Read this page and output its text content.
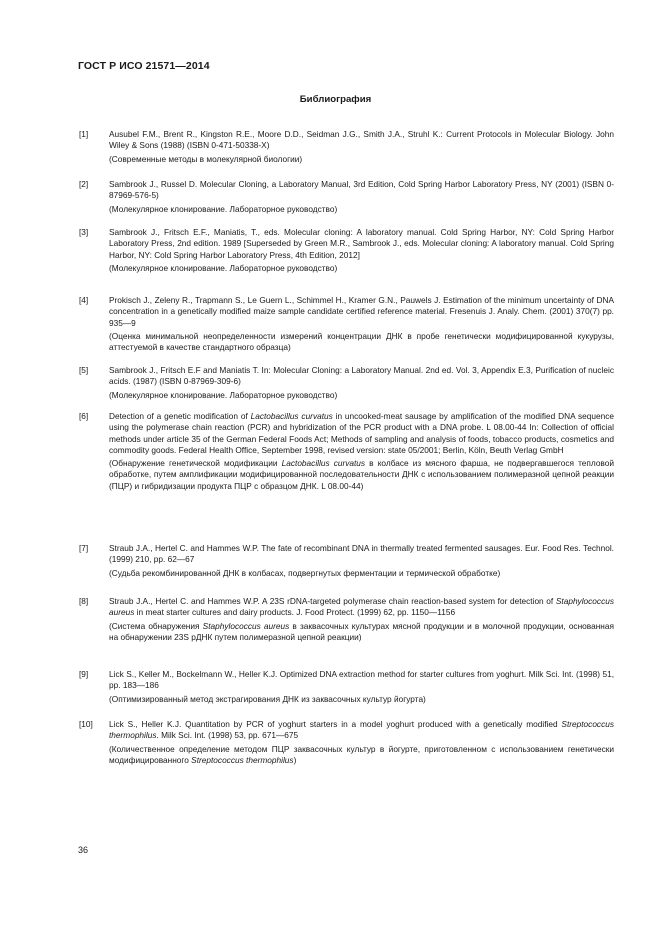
ГОСТ Р ИСО 21571—2014
Библиография
[1]	Ausubel F.M., Brent R., Kingston R.E., Moore D.D., Seidman J.G., Smith J.A., Struhl K.: Current Protocols in Molecular Biology. John Wiley & Sons (1988) (ISBN 0-471-50338-X)
(Современные методы в молекулярной биологии)
[2]	Sambrook J., Russel D. Molecular Cloning, a Laboratory Manual, 3rd Edition, Cold Spring Harbor Laboratory Press, NY (2001) (ISBN 0-87969-576-5)
(Молекулярное клонирование. Лабораторное руководство)
[3]	Sambrook J., Fritsch E.F., Maniatis, T., eds. Molecular cloning: A laboratory manual. Cold Spring Harbor, NY: Cold Spring Harbor Laboratory Press, 2nd edition. 1989 [Superseded by Green M.R., Sambrook J., eds. Molecular cloning: A laboratory manual. Cold Spring Harbor, NY: Cold Spring Harbor Laboratory Press, 4th Edition, 2012]
(Молекулярное клонирование. Лабораторное руководство)
[4]	Prokisch J., Zeleny R., Trapmann S., Le Guern L., Schimmel H., Kramer G.N., Pauwels J. Estimation of the minimum uncertainty of DNA concentration in a genetically modified maize sample candidate certified reference material. Fresenuis J. Analy. Chem. (2001) 370(7) pp. 935—9
(Оценка минимальной неопределенности измерений концентрации ДНК в пробе генетически модифицированной кукурузы, аттестуемой в качестве стандартного образца)
[5]	Sambrook J., Fritsch E.F and Maniatis T. In: Molecular Cloning: a Laboratory Manual. 2nd ed. Vol. 3, Appendix E.3, Purification of nucleic acids. (1987) (ISBN 0-87969-309-6)
(Молекулярное клонирование. Лабораторное руководство)
[6]	Detection of a genetic modification of Lactobacillus curvatus in uncooked-meat sausage by amplification of the modified DNA sequence using the polymerase chain reaction (PCR) and hybridization of the PCR product with a DNA probe. L 08.00-44 In: Collection of official methods under article 35 of the German Federal Foods Act; Methods of sampling and analysis of foods, tobacco products, cosmetics and commodity goods. Federal Health Office, September 1998, revised version: state 05/2001; Berlin, Köln, Beuth Verlag GmbH
(Обнаружение генетической модификации Lactobacillus curvatus в колбасе из мясного фарша, не подвергавшегося тепловой обработке, путем амплификации модифицированной последовательности ДНК с использованием полимеразной цепной реакции (ПЦР) и гибридизации продукта ПЦР с образцом ДНК. L 08.00-44)
[7]	Straub J.A., Hertel C. and Hammes W.P. The fate of recombinant DNA in thermally treated fermented sausages. Eur. Food Res. Technol. (1999) 210, pp. 62—67
(Судьба рекомбинированной ДНК в колбасах, подвергнутых ферментации и термической обработке)
[8]	Straub J.A., Hertel C. and Hammes W.P. A 23S rDNA-targeted polymerase chain reaction-based system for detection of Staphylococcus aureus in meat starter cultures and dairy products. J. Food Protect. (1999) 62, pp. 1150—1156
(Система обнаружения Staphylococcus aureus в заквасочных культурах мясной продукции и в молочной продукции, основанная на обнаружении 23S рДНК путем полимеразной цепной реакции)
[9]	Lick S., Keller M., Bockelmann W., Heller K.J. Optimized DNA extraction method for starter cultures from yoghurt. Milk Sci. Int. (1998) 51, pp. 183—186
(Оптимизированный метод экстрагирования ДНК из заквасочных культур йогурта)
[10]	Lick S., Heller K.J. Quantitation by PCR of yoghurt starters in a model yoghurt produced with a genetically modified Streptococcus thermophilus. Milk Sci. Int. (1998) 53, pp. 671—675
(Количественное определение методом ПЦР заквасочных культур в йогурте, приготовленном с использованием генетически модифицированного Streptococcus thermophilus)
36
